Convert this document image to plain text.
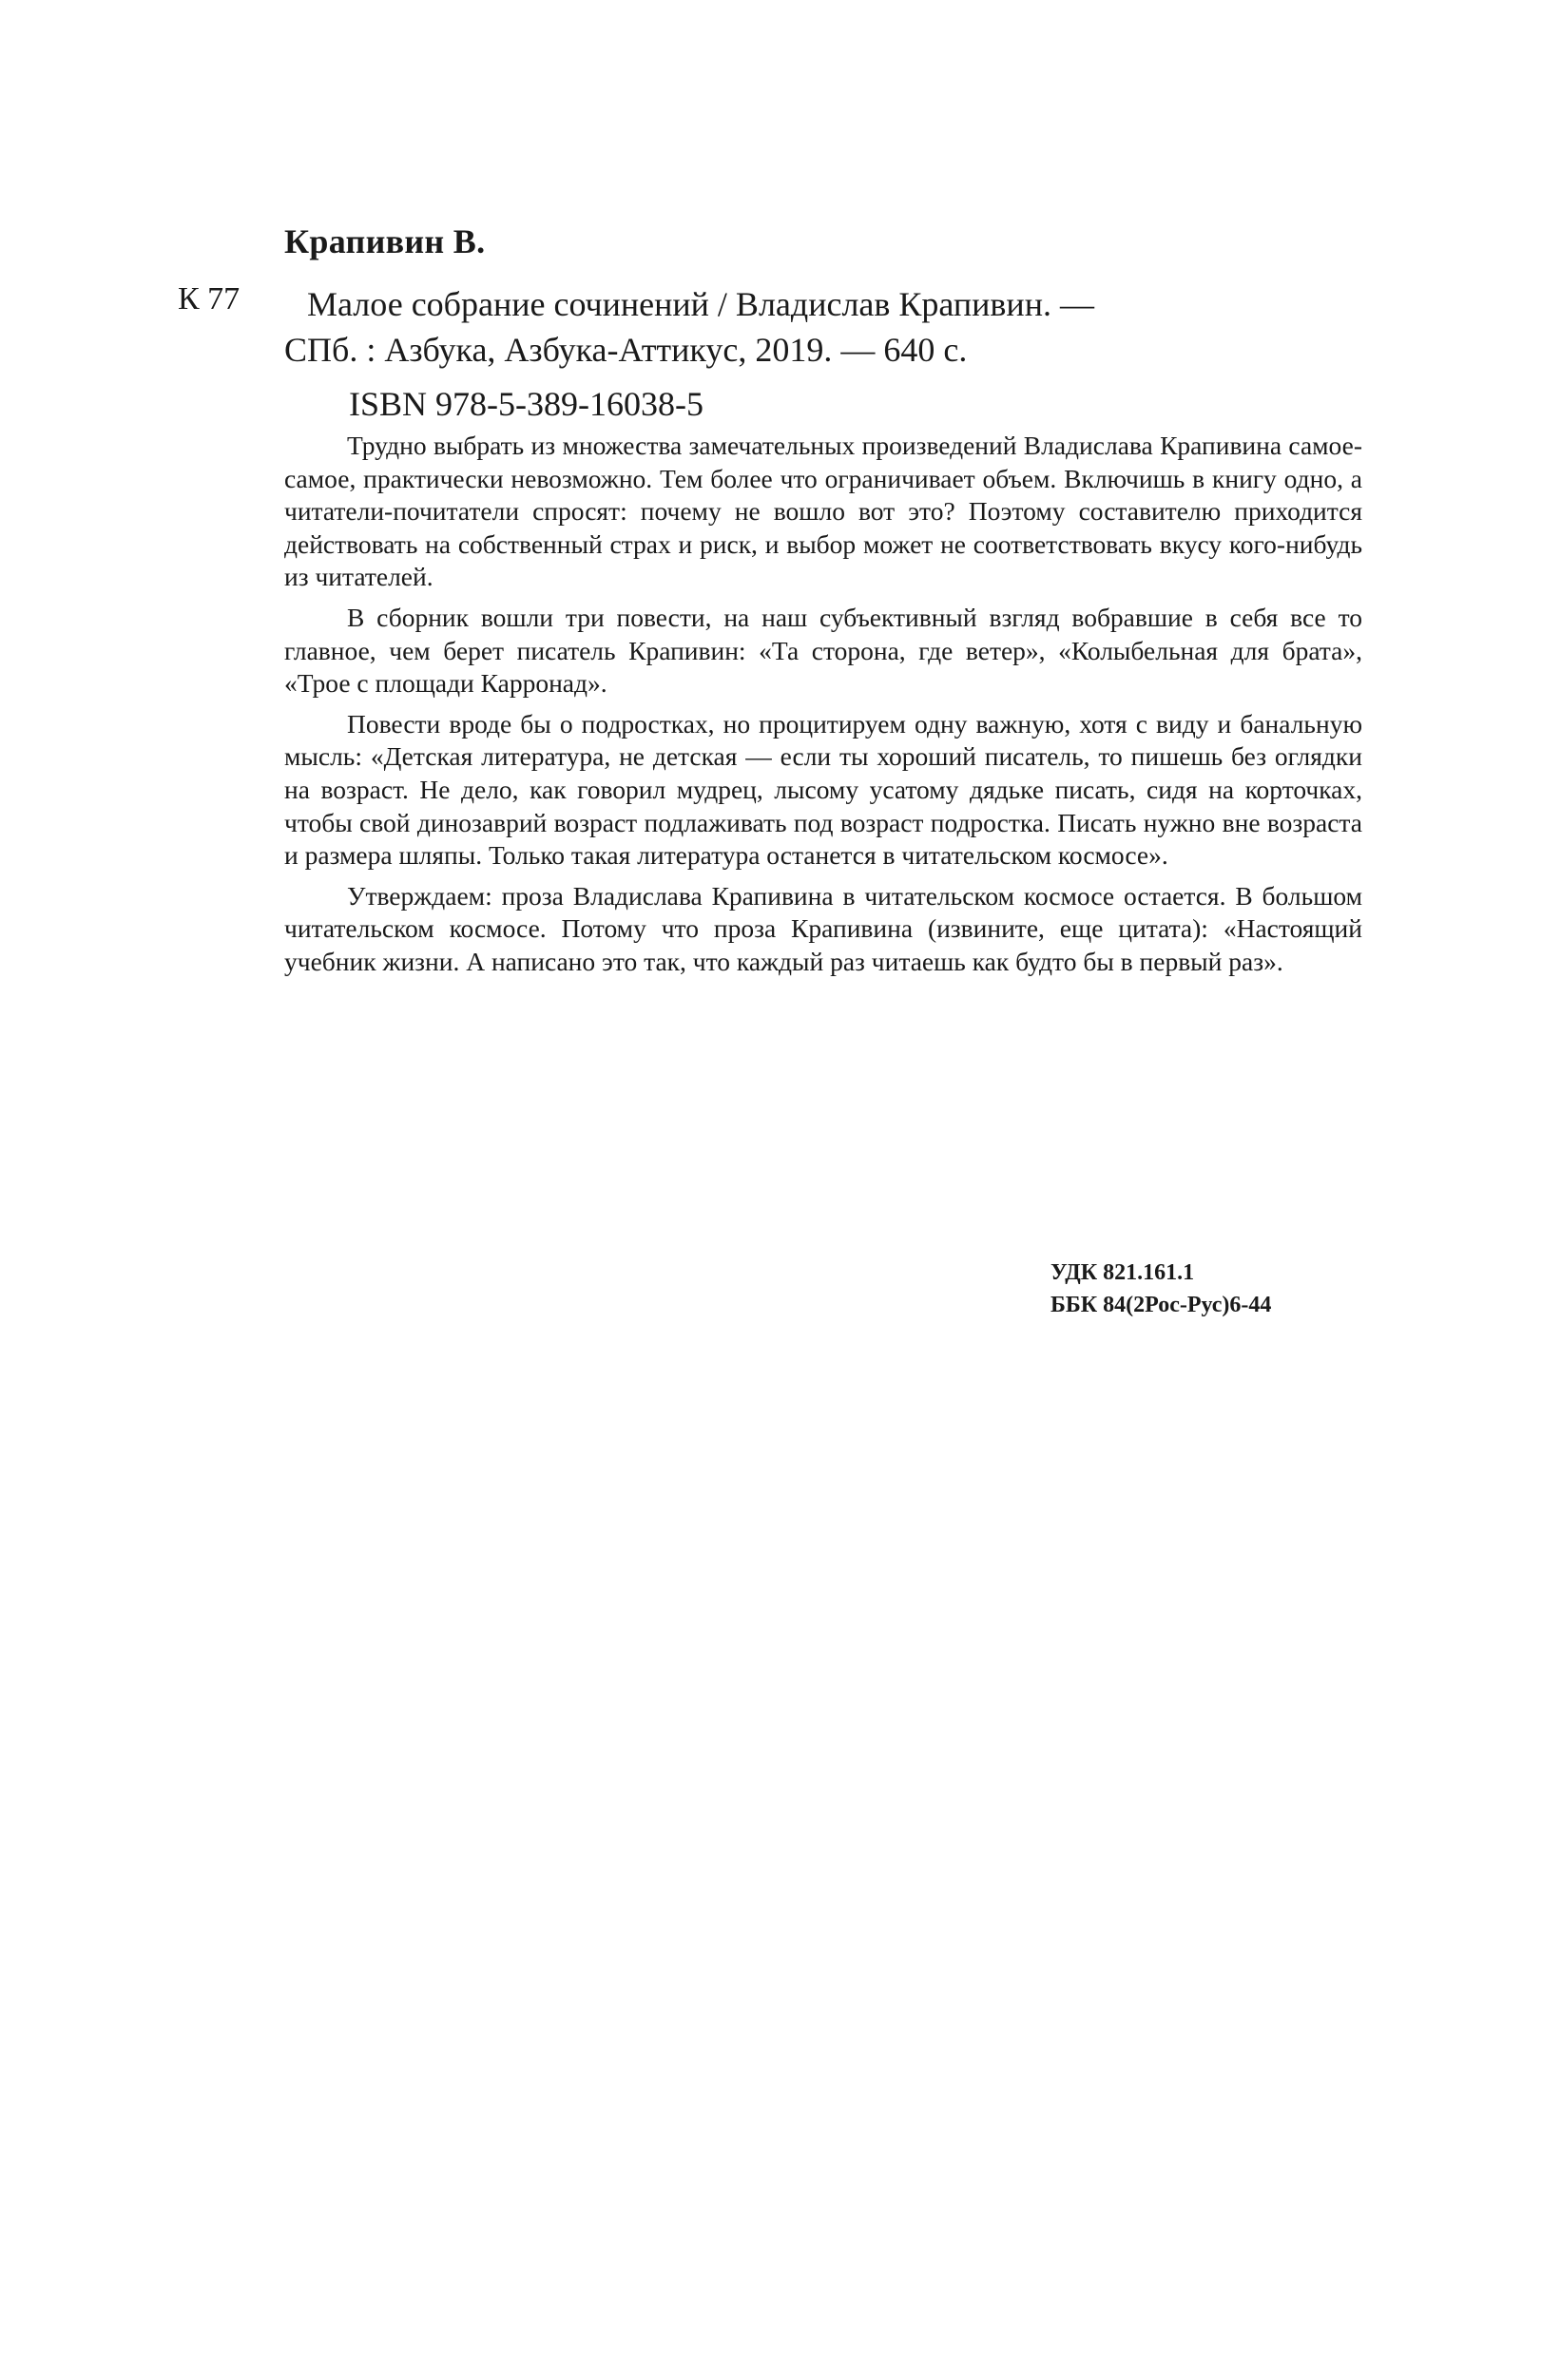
Крапивин В.
К 77	Малое собрание сочинений / Владислав Крапивин. —
СПб. : Азбука, Азбука-Аттикус, 2019. — 640 с.
ISBN 978-5-389-16038-5

Трудно выбрать из множества замечательных произведений Владислава Крапивина самое-самое, практически невозможно. Тем более что ограничивает объем. Включишь в книгу одно, а читатели-почитатели спросят: почему не вошло вот это? Поэтому составителю приходится действовать на собственный страх и риск, и выбор может не соответствовать вкусу кого-нибудь из читателей.

В сборник вошли три повести, на наш субъективный взгляд вобравшие в себя все то главное, чем берет писатель Крапивин: «Та сторона, где ветер», «Колыбельная для брата», «Трое с площади Карронад».

Повести вроде бы о подростках, но процитируем одну важную, хотя с виду и банальную мысль: «Детская литература, не детская — если ты хороший писатель, то пишешь без оглядки на возраст. Не дело, как говорил мудрец, лысому усатому дядьке писать, сидя на корточках, чтобы свой динозаврий возраст подлаживать под возраст подростка. Писать нужно вне возраста и размера шляпы. Только такая литература останется в читательском космосе».

Утверждаем: проза Владислава Крапивина в читательском космосе остается. В большом читательском космосе. Потому что проза Крапивина (извините, еще цитата): «Настоящий учебник жизни. А написано это так, что каждый раз читаешь как будто бы в первый раз».

УДК 821.161.1
ББК 84(2Рос-Рус)6-44
